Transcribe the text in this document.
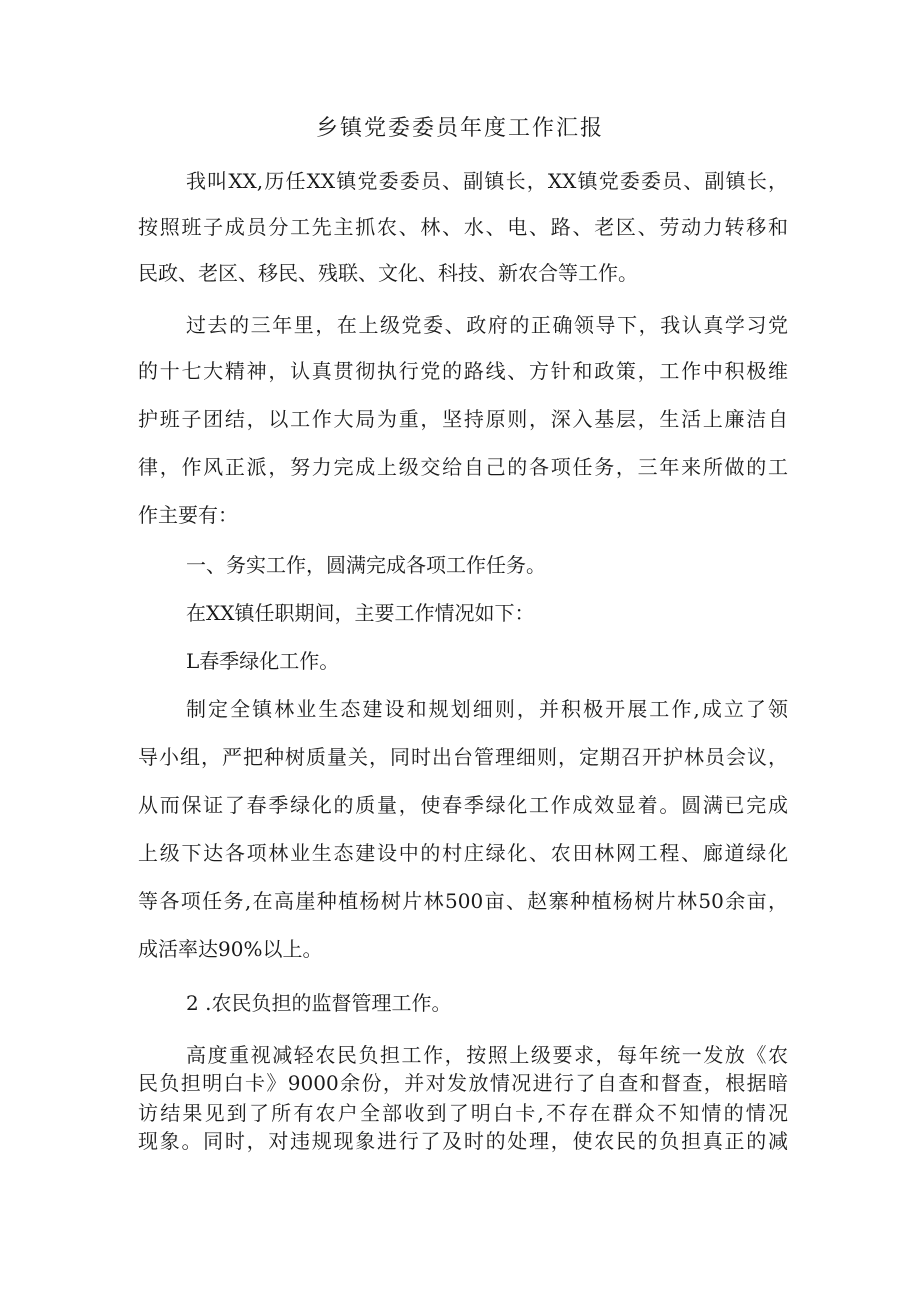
乡镇党委委员年度工作汇报
我叫XX,历任XX镇党委委员、副镇长，XX镇党委委员、副镇长，
按照班子成员分工先主抓农、林、水、电、路、老区、劳动力转移和
民政、老区、移民、残联、文化、科技、新农合等工作。
过去的三年里，在上级党委、政府的正确领导下，我认真学习党
的十七大精神，认真贯彻执行党的路线、方针和政策，工作中积极维
护班子团结，以工作大局为重，坚持原则，深入基层，生活上廉洁自
律，作风正派，努力完成上级交给自己的各项任务，三年来所做的工
作主要有：
一、务实工作，圆满完成各项工作任务。
在XX镇任职期间，主要工作情况如下：
L春季绿化工作。
制定全镇林业生态建设和规划细则，并积极开展工作,成立了领
导小组，严把种树质量关，同时出台管理细则，定期召开护林员会议，
从而保证了春季绿化的质量，使春季绿化工作成效显着。圆满已完成
上级下达各项林业生态建设中的村庄绿化、农田林网工程、廊道绿化
等各项任务,在高崖种植杨树片林500亩、赵寨种植杨树片林50余亩，
成活率达90%以上。
2 .农民负担的监督管理工作。
高度重视减轻农民负担工作，按照上级要求，每年统一发放《农
民负担明白卡》9000余份，并对发放情况进行了自查和督查，根据暗
访结果见到了所有农户全部收到了明白卡,不存在群众不知情的情况
现象。同时，对违规现象进行了及时的处理，使农民的负担真正的减
